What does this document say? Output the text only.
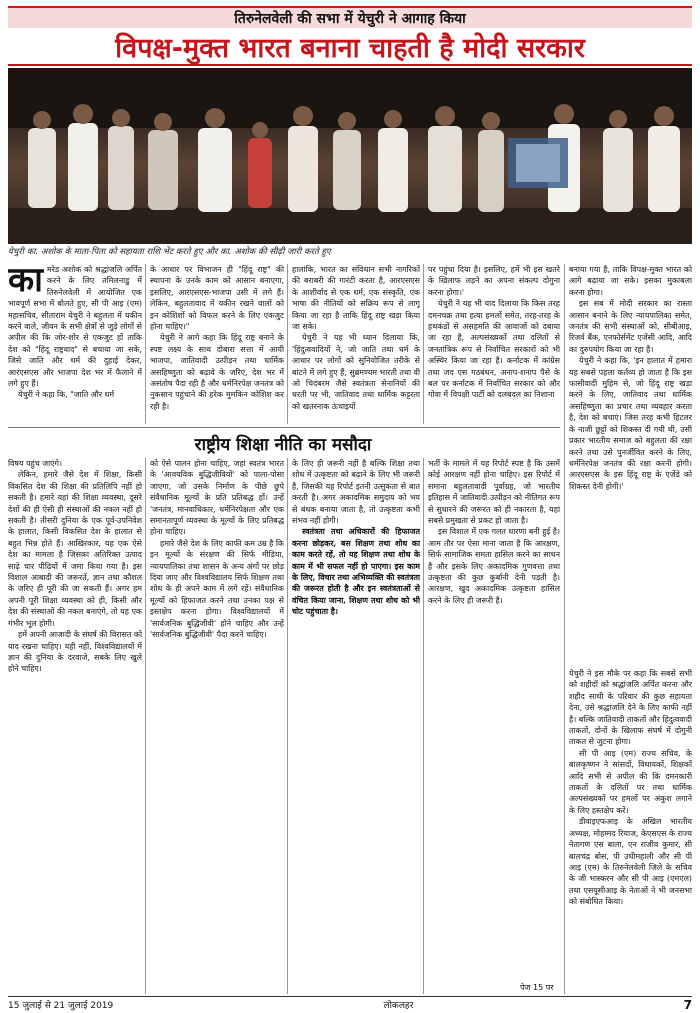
तिरुनेलवेली की सभा में येचुरी ने आगाह किया
विपक्ष-मुक्त भारत बनाना चाहती है मोदी सरकार
येचुरी का. अशोक के माता-पिता को सहायता राशि भेंट करते हुए और का. अशोक की सीढ़ी जारी करते हुए
का मरेड अशोक को श्रद्धांजलि अर्पित करने के लिए तमिलनाडु में तिरुनेलवेली में आयोजित एक भावपूर्ण सभा में बोलते हुए, सी पी आइ (एम) महासचिव, सीताराम येचुरी ने बहुलता में यकीन करने वाले, जीवन के सभी क्षेत्रों से जुड़े लोगों से अपील की कि जोर-शोर से एकजुट हों ताकि देश को "हिंदू राष्ट्रवाद" से बचाया जा सके, जिसे जाति और धर्म की दुहाई देकर, आरएसएस और भाजपा देश भर में फैलाने में लगे हुए हैं।

येचुरी ने कहा कि, "जाति और धर्म

के आधार पर विभाजन ही "हिंदू राष्ट्र" की स्थापना के उनके काम को आसान बनाएगा, इसलिए, आरएसएस-भाजपा उसी में लगे हैं। लेकिन, बहुलतावाद में यकीन रखने वालों को इन कोशिशों को विफल करने के लिए एकजुट होना चाहिए।"

येचुरी ने आगे कहा कि हिंदू राष्ट्र बनाने के स्पष्ट लक्ष्य के साथ दोबारा सत्ता में आयी भाजपा, जातिवादी उत्पीड़न तथा धार्मिक असहिष्णुता को बढ़ावे के जरिए, देश भर में असंतोष पैदा रही है और धर्मनिरपेक्ष जनतंत्र को नुकसान पहुंचाने की हरेक मुमकिन कोशिश कर रही है।

हालांकि, भारत का संविधान सभी नागरिकों की बराबरी की गारंटी करता है, आरएसएस के आशीर्वाद से एक धर्म, एक संस्कृति, एक भाषा की नीतियों को सक्रिय रूप से लागू किया जा रहा है ताकि हिंदू राष्ट्र खड़ा किया जा सके।

येचुरी ने यह भी ध्यान दिलाया कि, 'हिंदुत्ववादियों ने, जो जाति तथा धर्म के आधार पर लोगों को सुनियोजित तरीके से बांटने में लगे हुए हैं, सुब्रमण्यम भारती तथा वी ओ चिदंबरम जैसे स्वतंत्रता सेनानियों की धरती पर भी, जातिवाद तथा धार्मिक कट्टरता को खतरनाक ऊंचाइयों

पर पहुंचा दिया है। इसलिए, हमें भी इस खतरे के खिलाफ लड़ने का अपना संकल्प दोगुना करना होगा।'

येचुरी ने यह भी याद दिलाया कि किस तरह दमनचक्र तथा हत्या हमलों समेत, तरह-तरह के हथकंडों से असहमति की आवाजों को दबाया जा रहा है, अल्पसंख्यकों तथा दलितों से जनतांत्रिक रूप से निर्वाचित सरकारों को भी अस्थिर किया जा रहा है। कर्नाटक में कांग्रेस तथा जद एस गठबंधन, अनाप-शनाप पैसे के बल पर कर्नाटक में निर्वाचित सरकार को और गोवा में विपक्षी पार्टी को दलबदल का निशाना

बनाया गया है, ताकि विपक्ष-मुक्त भारत को आगे बढ़ाया जा सके। इसका मुकाबला करना होगा।

इस सब में मोदी सरकार का रास्ता आसान बनाने के लिए न्यायपालिका समेत, जनतंत्र की सभी संस्थाओं को, सीबीआइ, रिजर्व बैंक, एनफोर्समेंट एजेंसी आदि, आदि का दुरुपयोग किया जा रहा है।

येचुरी ने कहा कि, 'इन हालात में हमारा यह सबसे पहला कर्तव्य हो जाता है कि इस फासीवादी मुहिम से, जो हिंदू राष्ट्र खड़ा करने के लिए, जातिवाद तथा धार्मिक असहिष्णुता का प्रचार तथा व्यवहार करता है, देश को बचाएं। जिस तरह कभी हिटलर के नाजी छुट्टों को शिकस्त दी गयी थी, उसी प्रकार भारतीय समाज को बहुलता की रक्षा करने तथा उसे पुनर्जीवित करने के लिए, धर्मनिरपेक्ष जनतंत्र की रक्षा करनी होगी। आरएसएस के इस हिंदू राष्ट्र के एजेंडे को शिकस्त देनी होगी।'

राष्ट्रीय शिक्षा नीति का मसौदा

विषय पहुंच जाएंगे।

लेकिन, हमारे जैसे देश में शिक्षा, किसी विकसित देश की शिक्षा की प्रतिलिपि नहीं हो सकती है। हमारे यहां की शिक्षा व्यवस्था, दूसरे देशों की ही ऐसी ही संस्थाओं की नकल नहीं हो सकती है। तीसरी दुनिया के एक पूर्व-उपनिवेश के हालात, किसी विकसित देश के हालात से बहुत भिन्न होते हैं। आखिरकार, यह एक ऐसे देश का मामला है जिसका अतिरिक्त उत्पाद साढ़े चार पीढ़ियों में जमा किया गया है। इस विशाल आबादी की जरूरतें, ज्ञान तथा कौशल के जरिए ही पूरी की जा सकती हैं। अगर हम अपनी पूरी शिक्षा व्यवस्था को ही, किसी और देश की संस्थाओं की नकल बनाएंगे, तो यह एक गंभीर भूल होगी।

हमें अपनी आजादी के संघर्ष की विरासत को याद रखना चाहिए। यही नहीं, विश्वविद्यालयों में ज्ञान की दुनिया के दरवाजे, सबके लिए खुले होने चाहिए।

को ऐसे पालन होना चाहिए, जहां स्वतंत्र भारत के 'आवयविक बुद्धिजीवियों' को पाला-पोसा जाएगा, जो उसके निर्माण के पीछे छुपे संवैधानिक मूल्यों के प्रति प्रतिबद्ध हों। उन्हें 'जनतंत्र, मानवाधिकार, धर्मनिरपेक्षता और एक समानतापूर्ण व्यवस्था के मूल्यों के लिए प्रतिबद्ध होना चाहिए।

हमारे जैसे देश के लिए काफी कम उम्र है कि इन मूल्यों के संरक्षण की सिर्फ मीडिया, न्यायपालिका तथा शासन के अन्य अंगों पर छोड़ दिया जाए और विश्वविद्यालय सिर्फ शिक्षण तथा शोध के ही अपने काम में लगे रहें। संवैधानिक मूल्यों को हिफाजत करने तथा उनका पक्ष से इस्तक्षेप करना होगा। विश्वविद्यालयों में 'सार्वजनिक बुद्धिजीवी' होने चाहिए और उन्हें 'सार्वजनिक बुद्धिजीवी' पैदा करने चाहिए।

के लिए ही जरूरी नहीं है बल्कि शिक्षा तथा शोध में उत्कृष्टता को बढ़ाने के लिए भी जरूरी है, जिसकी यह रिपोर्ट इतनी उत्सुकता से बात करती है। अगर अकादमिक समुदाय को भय से बंधक बनाया जाता है, तो उत्कृष्टता कभी संभव नहीं होगी।

स्वतंत्रता तथा अधिकारों की हिफाजत करना छोड़कर, बस शिक्षण तथा शोध का काम करते रहें, तो यह शिक्षण तथा शोध के काम में भी सफल नहीं हो पाएगा। इस काम के लिए, विचार तथा अभिव्यक्ति की स्वतंत्रता की जरूरत होती है और इन स्वतंत्रताओं से वंचित किया जाना, शिक्षण तथा शोध को भी चोट पहुंचाता है।

भर्ती के मामले में यह रिपोर्ट स्पष्ट है कि उसमें कोई आरक्षण नहीं होना चाहिए। इस रिपोर्ट में समाना बहुलतावादी पूर्वाग्रह, जो भारतीय इतिहास में जातिवादी उत्पीड़न को नीतिगत रूप से सुधारने की जरूरत को ही नकारता है, यहां सबसे प्रमुखता से प्रकट हो जाता है।

इस विशाल में एक गलत धारणा बनी हुई है। आम तौर पर ऐसा माना जाता है कि आरक्षण, सिर्फ सामाजिक समता हासिल करने का साधन है और इसके लिए अकादमिक गुणवत्ता तथा उत्कृष्टता की कुछ कुर्बानी देनी पड़ती है। आरक्षण, खुद अकादमिक उत्कृष्टता हासिल करने के लिए ही जरूरी है।

पेज 15 पर

येचुरी ने इस मौके पर कहा कि सबसे सभी को शहीदों को श्रद्धांजलि अर्पित करना और शहीद साथी के परिवार की कुछ सहायता देना, उसे श्रद्धांजलि देने के लिए काफी नहीं है। बल्कि जातिवादी ताकतों और हिंदुत्ववादी ताकतों, दोनों के खिलाफ संघर्ष में दोगुनी ताकत से जुटना होगा।

सी पी आइ (एम) राज्य सचिव, के बालकृष्णन ने सांसदों, विधायकों, शिक्षकों आदि सभी से अपील की कि दमनकारी ताकतों के दलितों पर तथा धार्मिक अल्पसंख्यकों पर हमलों पर अंकुश लगाने के लिए हस्तक्षेप करें।

डीवाइएफआइ के अखिल भारतीय अध्यक्ष, मोहम्मद रियाज, केएसएस के राज्य नेतागण एस बाला, एन राजीव कुमार, सी बालचंद्र बोस, पी उधीमहाली और सी पी आइ (एम) के तिरुनेलवेली जिले के सचिव के जी भास्करन और सी पी आइ (एमएल) तथा एसयूसीआइ के नेताओं ने भी जनसभा को संबोधित किया।

15 जुलाई से 21 जुलाई 2019	लोकलहर	7
